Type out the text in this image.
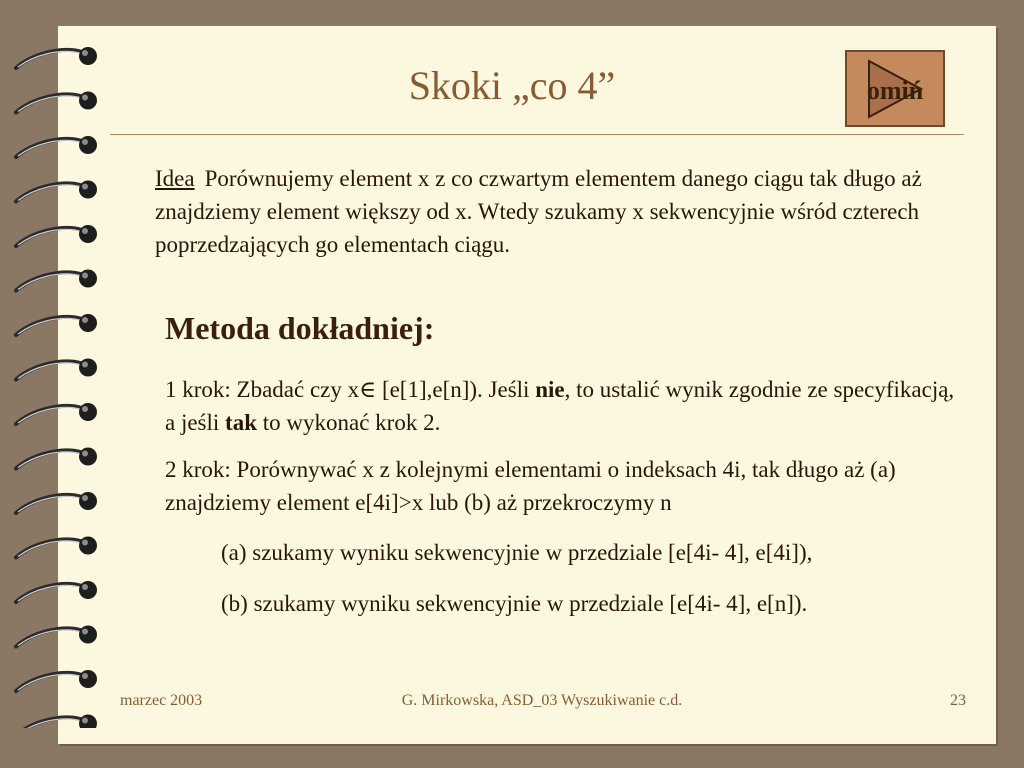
Skoki „co 4”	omiń
Idea Porównujemy element x z co czwartym elementem danego ciągu tak długo aż znajdziemy element większy od x. Wtedy szukamy x sekwencyjnie wśród czterech poprzedzających go elementach ciągu.
Metoda dokładniej:
1 krok: Zbadać czy x∈ [e[1],e[n]). Jeśli nie, to ustalić wynik zgodnie ze specyfikacją, a jeśli tak to wykonać krok 2.
2 krok: Porównywać x z kolejnymi elementami o indeksach 4i, tak długo aż (a) znajdziemy element e[4i]>x lub (b) aż przekroczymy n
(a) szukamy wyniku sekwencyjnie w przedziale [e[4i- 4], e[4i]),
(b) szukamy wyniku sekwencyjnie w przedziale [e[4i- 4], e[n]).
marzec 2003	G. Mirkowska, ASD_03 Wyszukiwanie c.d.	23
